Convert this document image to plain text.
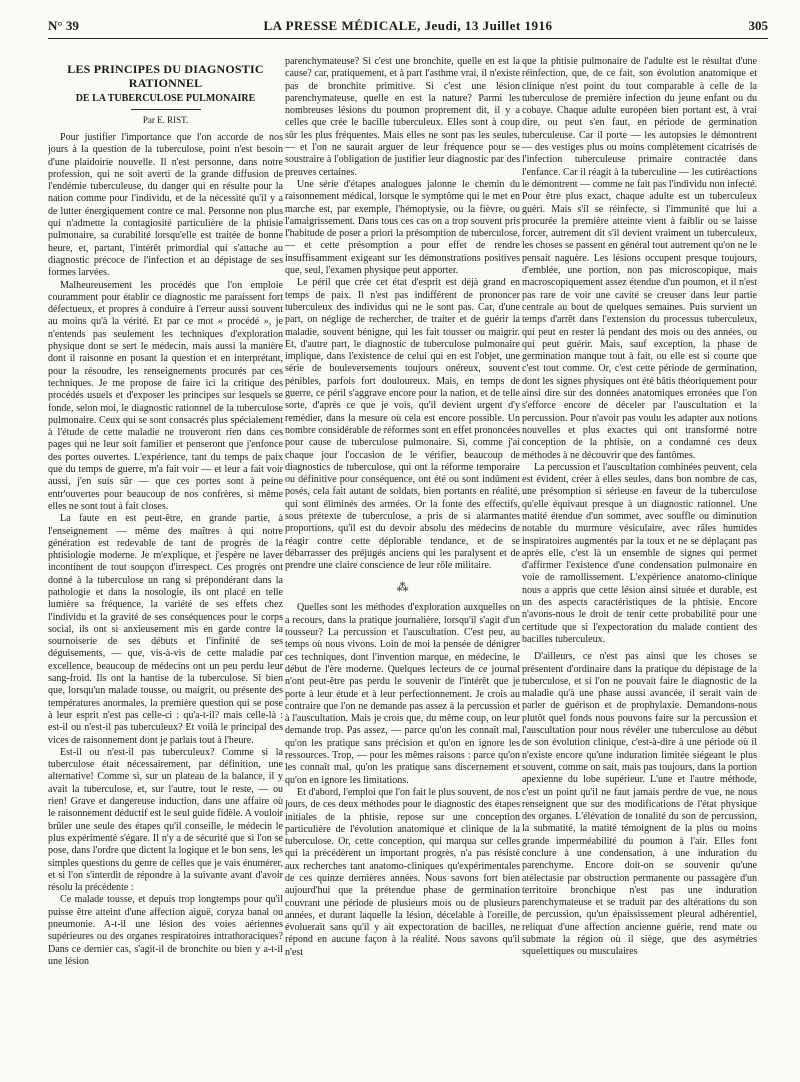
N° 39	LA PRESSE MÉDICALE, Jeudi, 13 Juillet 1916	305
LES PRINCIPES DU DIAGNOSTIC RATIONNEL
DE LA TUBERCULOSE PULMONAIRE
Par E. RIST.

Pour justifier l'importance que l'on accorde de nos jours à la question de la tuberculose, point n'est besoin d'une plaidoirie nouvelle. Il n'est personne, dans notre profession, qui ne soit averti de la grande diffusion de l'endémie tuberculeuse, du danger qui en résulte pour la nation comme pour l'individu, et de la nécessité qu'il y a de lutter énergiquement contre ce mal. Personne non plus qui n'admette la contagiosité particulière de la phtisie pulmonaire, sa curabilité lorsqu'elle est traitée de bonne heure, et, partant, l'intérêt primordial qui s'attache au diagnostic précoce de l'infection et au dépistage de ses formes larvées.

Malheureusement les procédés que l'on emploie couramment pour établir ce diagnostic me paraissent fort défectueux, et propres à conduire à l'erreur aussi souvent au moins qu'à la vérité. Et par ce mot « procédé », je n'entends pas seulement les techniques d'exploration physique dont se sert le médecin, mais aussi la manière dont il raisonne en posant la question et en interprétant, pour la résoudre, les renseignements procurés par ces techniques. Je me propose de faire ici la critique des procédés usuels et d'exposer les principes sur lesquels se fonde, selon moi, le diagnostic rationnel de la tuberculose pulmonaire. Ceux qui se sont consacrés plus spécialement à l'étude de cette maladie ne trouveront rien dans ces pages qui ne leur soit familier et penseront que j'enfonce des portes ouvertes. L'expérience, tant du temps de paix que du temps de guerre, m'a fait voir — et leur a fait voir aussi, j'en suis sûr — que ces portes sont à peine entr'ouvertes pour beaucoup de nos confrères, si même elles ne sont tout à fait closes.

La faute en est peut-être, en grande partie, à l'enseignement — même des maîtres à qui notre génération est redevable de tant de progrès de la phtisiologie moderne. Je m'explique, et j'espère ne laver incontinent de tout soupçon d'irrespect. Ces progrès ont donné à la tuberculose un rang si prépondérant dans la pathologie et dans la nosologie, ils ont placé en telle lumière sa fréquence, la variété de ses effets chez l'individu et la gravité de ses conséquences pour le corps social, ils ont si anxieusement mis en garde contre la sournoiserie de ses débuts et l'infinité de ses déguisements, — que, vis-à-vis de cette maladie par excellence, beaucoup de médecins ont un peu perdu leur sang-froid. Ils ont la hantise de la tuberculose. Si bien que, lorsqu'un malade tousse, ou maigrit, ou présente des températures anormales, la première question qui se pose à leur esprit n'est pas celle-ci : qu'a-t-il? mais celle-là : est-il ou n'est-il pas tuberculeux? Et voilà le principal des vices de raisonnement dont je parlais tout à l'heure.

Est-il ou n'est-il pas tuberculeux? Comme si la tuberculose était nécessairement, par définition, une alternative! Comme si, sur un plateau de la balance, il y avait la tuberculose, et, sur l'autre, tout le reste, — ou rien! Grave et dangereuse induction, dans une affaire où le raisonnement déductif est le seul guide fidèle. A vouloir brûler une seule des étapes qu'il conseille, le médecin le plus expérimenté s'égare. Il n'y a de sécurité que si l'on se pose, dans l'ordre que dictent la logique et le bon sens, les simples questions du genre de celles que je vais énumérer, et si l'on s'interdit de répondre à la suivante avant d'avoir résolu la précédente :

Ce malade tousse, et depuis trop longtemps pour qu'il puisse être atteint d'une affection aiguë, coryza banal ou pneumonie. A-t-il une lésion des voies aériennes supérieures ou des organes respiratoires intrathoraciques? Dans ce dernier cas, s'agit-il de bronchite ou bien y a-t-il une lésion

parenchymateuse? Si c'est une bronchite, quelle en est la cause? car, pratiquement, et à part l'asthme vrai, il n'existe pas de bronchite primitive. Si c'est une lésion parenchymateuse, quelle en est la nature? Parmi les nombreuses lésions du poumon proprement dit, il y a celles que crée le bacille tuberculeux. Elles sont à coup sûr les plus fréquentes. Mais elles ne sont pas les seules, — et l'on ne saurait arguer de leur fréquence pour se soustraire à l'obligation de justifier leur diagnostic par des preuves certaines.

Une série d'étapes analogues jalonne le chemin du raisonnement médical, lorsque le symptôme qui le met en marche est, par exemple, l'hémoptysie, ou la fièvre, ou l'amaigrissement. Dans tous ces cas on a trop souvent pris l'habitude de poser a priori la présomption de tuberculose, — et cette présomption a pour effet de rendre insuffisamment exigeant sur les démonstrations positives que, seul, l'examen physique peut apporter.

Le péril que crée cet état d'esprit est déjà grand en temps de paix. Il n'est pas indifférent de prononcer tuberculeux des individus qui ne le sont pas. Car, d'une part, on néglige de rechercher, de traiter et de guérir la maladie, souvent bénigne, qui les fait tousser ou maigrir. Et, d'autre part, le diagnostic de tuberculose pulmonaire implique, dans l'existence de celui qui en est l'objet, une série de bouleversements toujours onéreux, souvent pénibles, parfois fort douloureux. Mais, en temps de guerre, ce péril s'aggrave encore pour la nation, et de telle sorte, d'après ce que je vois, qu'il devient urgent d'y remédier, dans la mesure où cela est encore possible. Un nombre considérable de réformes sont en effet prononcées pour cause de tuberculose pulmonaire. Si, comme j'ai chaque jour l'occasion de le vérifier, beaucoup de diagnostics de tuberculose, qui ont la réforme temporaire ou définitive pour conséquence, ont été ou sont indûment posés, cela fait autant de soldats, bien portants en réalité, qui sont éliminés des armées. Or la fonte des effectifs, sous prétexte de tuberculose, a pris de si alarmantes proportions, qu'il est du devoir absolu des médecins de réagir contre cette déplorable tendance, et de se débarrasser des préjugés anciens qui les paralysent et de prendre une claire conscience de leur rôle militaire.

⁂

Quelles sont les méthodes d'exploration auxquelles on a recours, dans la pratique journalière, lorsqu'il s'agit d'un tousseur? La percussion et l'auscultation. C'est peu, au temps où nous vivons. Loin de moi la pensée de dénigrer ces techniques, dont l'invention marque, en médecine, le début de l'ère moderne. Quelques lecteurs de ce journal n'ont peut-être pas perdu le souvenir de l'intérêt que je porte à leur étude et à leur perfectionnement. Je crois au contraire que l'on ne demande pas assez à la percussion et à l'auscultation. Mais je crois que, du même coup, on leur demande trop. Pas assez, — parce qu'on les connaît mal, qu'on les pratique sans précision et qu'on en ignore les ressources. Trop, — pour les mêmes raisons : parce qu'on les connaît mal, qu'on les pratique sans discernement et qu'on en ignore les limitations.

Et d'abord, l'emploi que l'on fait le plus souvent, de nos jours, de ces deux méthodes pour le diagnostic des étapes initiales de la phtisie, repose sur une conception particulière de l'évolution anatomique et clinique de la tuberculose. Or, cette conception, qui marqua sur celles qui la précédèrent un important progrès, n'a pas résisté aux recherches tant anatomo-cliniques qu'expérimentales de ces quinze dernières années. Nous savons fort bien aujourd'hui que la prétendue phase de germination couvrant une période de plusieurs mois ou de plusieurs années, et durant laquelle la lésion, décelable à l'oreille, évoluerait sans qu'il y ait expectoration de bacilles, ne répond en aucune façon à la réalité. Nous savons qu'il n'est

que la phtisie pulmonaire de l'adulte est le résultat d'une réinfection, que, de ce fait, son évolution anatomique et clinique n'est point du tout comparable à celle de la tuberculose de première infection du jeune enfant ou du cobaye. Chaque adulte européen bien portant est, à vrai dire, ou peut s'en faut, en période de germination tuberculeuse. Car il porte — les autopsies le démontrent — des vestiges plus ou moins complètement cicatrisés de l'infection tuberculeuse primaire contractée dans l'enfance. Car il réagit à la tuberculine — les cutiréactions le démontrent — comme ne fait pas l'individu non infecté. Pour être plus exact, chaque adulte est un tuberculeux guéri. Mais s'il se réinfecte, si l'immunité que lui a procurée la première atteinte vient à faiblir ou se laisse forcer, autrement dit s'il devient vraiment un tuberculeux, les choses se passent en général tout autrement qu'on ne le pensait naguère. Les lésions occupent presque toujours, d'emblée, une portion, non pas microscopique, mais macroscopiquement assez étendue d'un poumon, et il n'est pas rare de voir une cavité se creuser dans leur partie centrale au bout de quelques semaines. Puis survient un temps d'arrêt dans l'extension du processus tuberculeux, qui peut en rester là pendant des mois ou des années, ou qui peut guérir. Mais, sauf exception, la phase de germination manque tout à fait, ou elle est si courte que c'est tout comme. Or, c'est cette période de germination, dont les signes physiques ont été bâtis théoriquement pour ainsi dire sur des données anatomiques erronées que l'on s'efforce encore de déceler par l'auscultation et la percussion. Pour n'avoir pas voulu les adapter aux notions nouvelles et plus exactes qui ont transformé notre conception de la phtisie, on a condamné ces deux méthodes à ne découvrir que des fantômes.

La percussion et l'auscultation combinées peuvent, cela est évident, créer à elles seules, dans bon nombre de cas, une présomption si sérieuse en faveur de la tuberculose qu'elle équivaut presque à un diagnostic rationnel. Une matité étendue d'un sommet, avec souffle ou diminution notable du murmure vésiculaire, avec râles humides inspiratoires augmentés par la toux et ne se déplaçant pas après elle, c'est là un ensemble de signes qui permet d'affirmer l'existence d'une condensation pulmonaire en voie de ramollissement. L'expérience anatomo-clinique nous a appris que cette lésion ainsi située et durable, est un des aspects caractéristiques de la phtisie. Encore n'avons-nous le droit de tenir cette probabilité pour une certitude que si l'expectoration du malade contient des bacilles tuberculeux.

D'ailleurs, ce n'est pas ainsi que les choses se présentent d'ordinaire dans la pratique du dépistage de la tuberculose, et si l'on ne pouvait faire le diagnostic de la maladie qu'à une phase aussi avancée, il serait vain de parler de guérison et de prophylaxie. Demandons-nous plutôt quel fonds nous pouvons faire sur la percussion et l'auscultation pour nous révéler une tuberculose au début de son évolution clinique, c'est-à-dire à une période où il n'existe encore qu'une induration limitée siégeant le plus souvent, comme on sait, mais pas toujours, dans la portion apexienne du lobe supérieur. L'une et l'autre méthode, c'est un point qu'il ne faut jamais perdre de vue, ne nous renseignent que sur des modifications de l'état physique des organes. L'élévation de tonalité du son de percussion, la submatité, la matité témoignent de la plus ou moins grande imperméabilité du poumon à l'air. Elles font conclure à une condensation, à une induration du parenchyme. Encore doit-on se souvenir qu'une atélectasie par obstruction permanente ou passagère d'un territoire bronchique n'est pas une induration parenchymateuse et se traduit par des altérations du son de percussion, qu'un épaississement pleural adhérentiel, reliquat d'une affection ancienne guérie, rend mate ou submate la région où il siège, que des asymétries squelettiques ou musculaires
